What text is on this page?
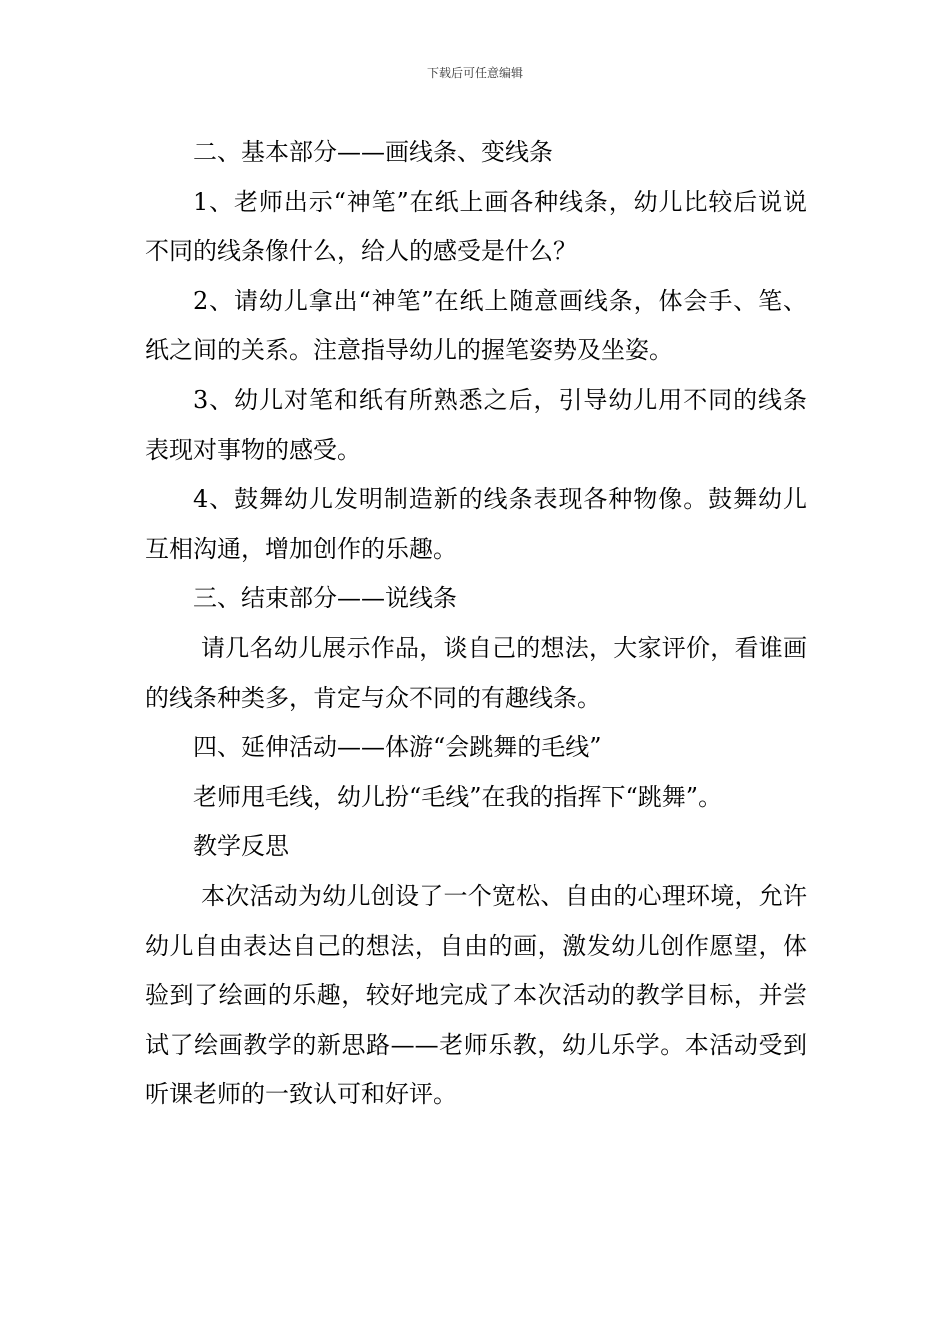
下载后可任意编辑

二、基本部分——画线条、变线条

1、老师出示“神笔”在纸上画各种线条，幼儿比较后说说不同的线条像什么，给人的感受是什么？

2、请幼儿拿出“神笔”在纸上随意画线条，体会手、笔、纸之间的关系。注意指导幼儿的握笔姿势及坐姿。

3、幼儿对笔和纸有所熟悉之后，引导幼儿用不同的线条表现对事物的感受。

4、鼓舞幼儿发明制造新的线条表现各种物像。鼓舞幼儿互相沟通，增加创作的乐趣。

三、结束部分——说线条

请几名幼儿展示作品，谈自己的想法，大家评价，看谁画的线条种类多，肯定与众不同的有趣线条。

四、延伸活动——体游“会跳舞的毛线”

老师甩毛线，幼儿扮“毛线”在我的指挥下“跳舞”。

教学反思

本次活动为幼儿创设了一个宽松、自由的心理环境，允许幼儿自由表达自己的想法，自由的画，激发幼儿创作愿望，体验到了绘画的乐趣，较好地完成了本次活动的教学目标，并尝试了绘画教学的新思路——老师乐教，幼儿乐学。本活动受到听课老师的一致认可和好评。
